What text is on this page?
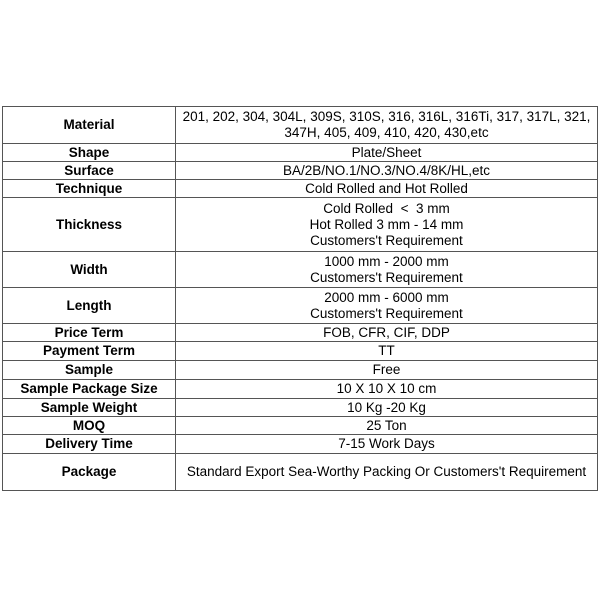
Material	201, 202, 304, 304L, 309S, 310S, 316, 316L, 316Ti, 317, 317L, 321, 347H, 405, 409, 410, 420, 430,etc
Shape	Plate/Sheet
Surface	BA/2B/NO.1/NO.3/NO.4/8K/HL,etc
Technique	Cold Rolled and Hot Rolled
Thickness	Cold Rolled  <  3 mm
Hot Rolled 3 mm - 14 mm
Customers't Requirement

Width	1000 mm - 2000 mm
Customers't Requirement

Length	2000 mm - 6000 mm
Customers't Requirement

Price Term	FOB, CFR, CIF, DDP
Payment Term	TT
Sample	Free
Sample Package Size	10 X 10 X 10 cm
Sample Weight	10 Kg -20 Kg
MOQ	25 Ton
Delivery Time	7-15 Work Days
Package	Standard Export Sea-Worthy Packing Or Customers't Requirement
